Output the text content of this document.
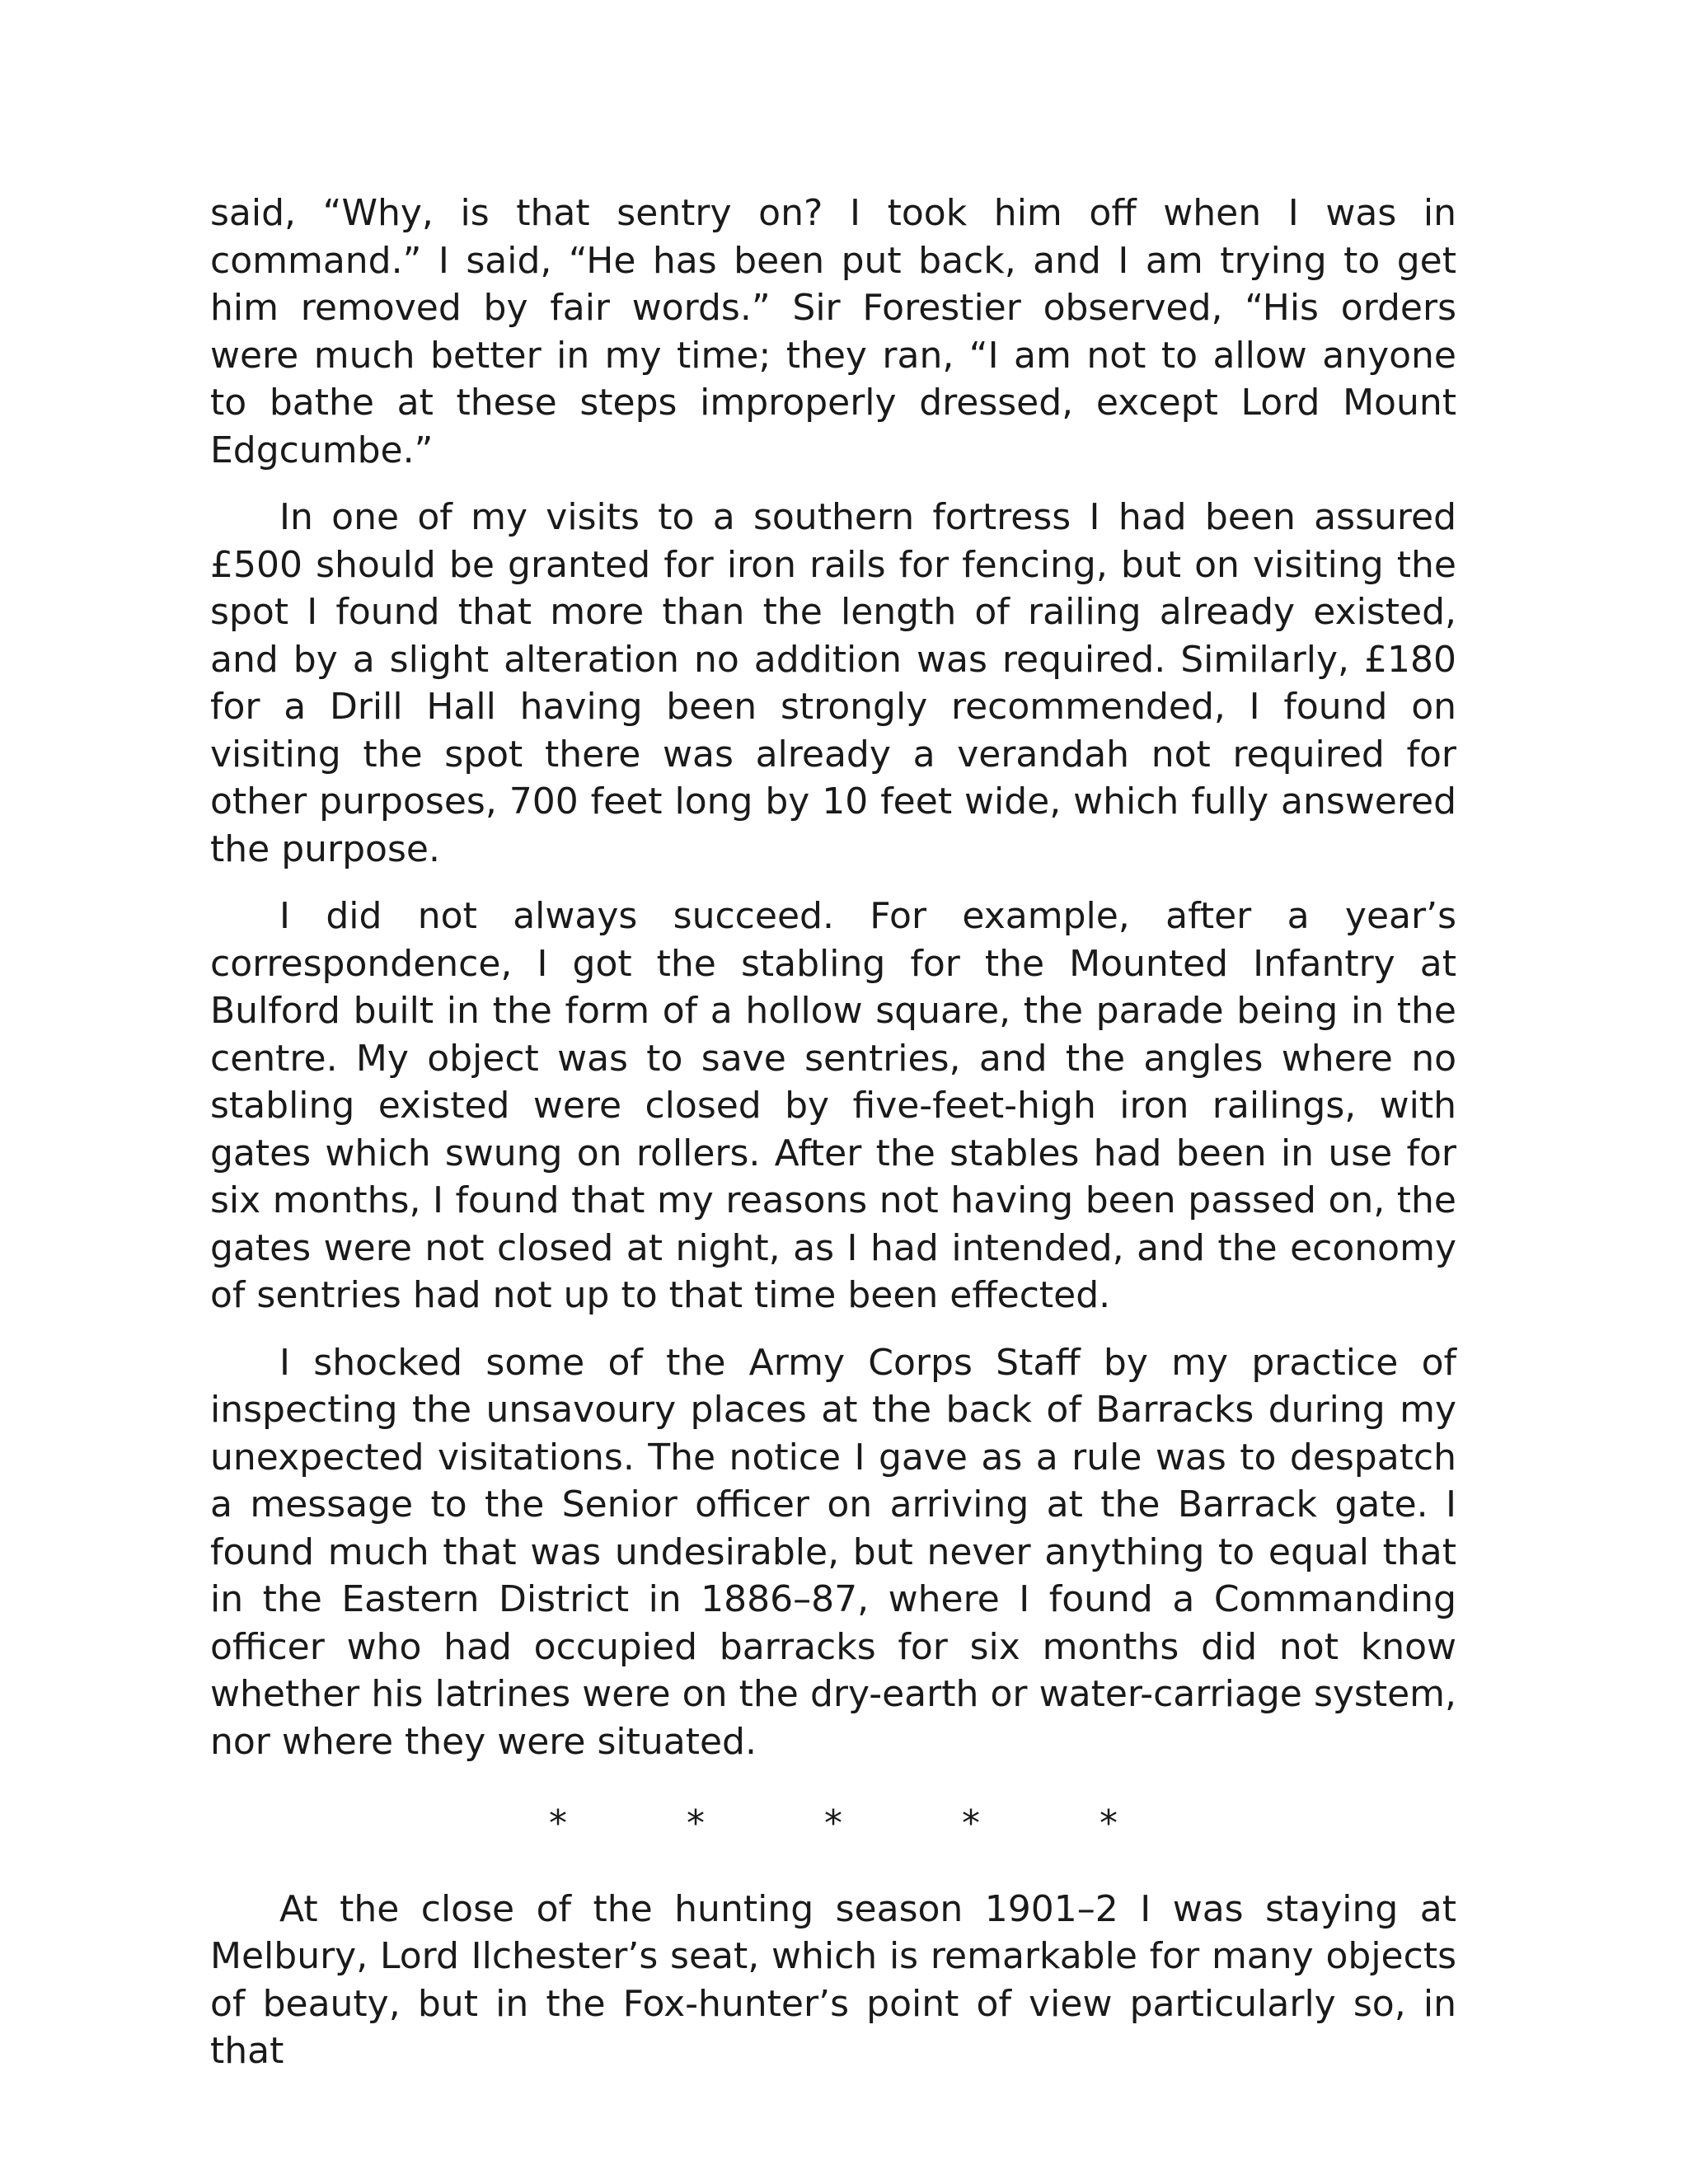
said, “Why, is that sentry on? I took him off when I was in command.” I said, “He has been put back, and I am trying to get him removed by fair words.” Sir Forestier observed, “His orders were much better in my time; they ran, “I am not to allow anyone to bathe at these steps improperly dressed, except Lord Mount Edgcumbe.”

In one of my visits to a southern fortress I had been assured £500 should be granted for iron rails for fencing, but on visiting the spot I found that more than the length of railing already existed, and by a slight alteration no addition was required. Similarly, £180 for a Drill Hall having been strongly recommended, I found on visiting the spot there was already a verandah not required for other purposes, 700 feet long by 10 feet wide, which fully answered the purpose.

I did not always succeed. For example, after a year’s correspondence, I got the stabling for the Mounted Infantry at Bulford built in the form of a hollow square, the parade being in the centre. My object was to save sentries, and the angles where no stabling existed were closed by five-feet-high iron railings, with gates which swung on rollers. After the stables had been in use for six months, I found that my reasons not having been passed on, the gates were not closed at night, as I had intended, and the economy of sentries had not up to that time been effected.

I shocked some of the Army Corps Staff by my practice of inspecting the unsavoury places at the back of Barracks during my unexpected visitations. The notice I gave as a rule was to despatch a message to the Senior officer on arriving at the Barrack gate. I found much that was undesirable, but never anything to equal that in the Eastern District in 1886–87, where I found a Commanding officer who had occupied barracks for six months did not know whether his latrines were on the dry-earth or water-carriage system, nor where they were situated.

*	*	*	*	*

At the close of the hunting season 1901–2 I was staying at Melbury, Lord Ilchester’s seat, which is remarkable for many objects of beauty, but in the Fox-hunter’s point of view particularly so, in that
